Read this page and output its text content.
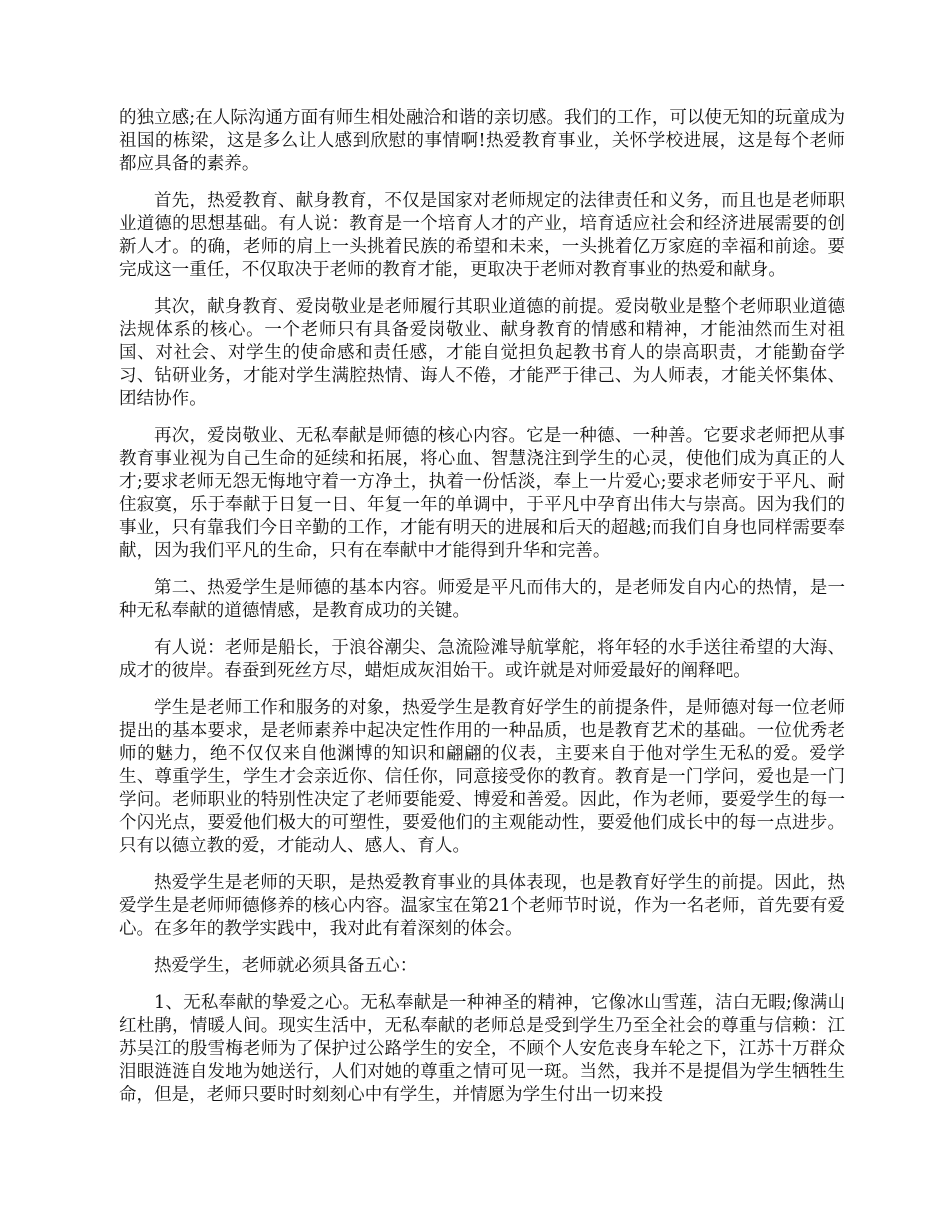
的独立感;在人际沟通方面有师生相处融洽和谐的亲切感。我们的工作，可以使无知的玩童成为祖国的栋梁，这是多么让人感到欣慰的事情啊!热爱教育事业，关怀学校进展，这是每个老师都应具备的素养。

首先，热爱教育、献身教育，不仅是国家对老师规定的法律责任和义务，而且也是老师职业道德的思想基础。有人说：教育是一个培育人才的产业，培育适应社会和经济进展需要的创新人才。的确，老师的肩上一头挑着民族的希望和未来，一头挑着亿万家庭的幸福和前途。要完成这一重任，不仅取决于老师的教育才能，更取决于老师对教育事业的热爱和献身。

其次，献身教育、爱岗敬业是老师履行其职业道德的前提。爱岗敬业是整个老师职业道德法规体系的核心。一个老师只有具备爱岗敬业、献身教育的情感和精神，才能油然而生对祖国、对社会、对学生的使命感和责任感，才能自觉担负起教书育人的崇高职责，才能勤奋学习、钻研业务，才能对学生满腔热情、诲人不倦，才能严于律己、为人师表，才能关怀集体、团结协作。

再次，爱岗敬业、无私奉献是师德的核心内容。它是一种德、一种善。它要求老师把从事教育事业视为自己生命的延续和拓展，将心血、智慧浇注到学生的心灵，使他们成为真正的人才;要求老师无怨无悔地守着一方净土，执着一份恬淡，奉上一片爱心;要求老师安于平凡、耐住寂寞，乐于奉献于日复一日、年复一年的单调中，于平凡中孕育出伟大与崇高。因为我们的事业，只有靠我们今日辛勤的工作，才能有明天的进展和后天的超越;而我们自身也同样需要奉献，因为我们平凡的生命，只有在奉献中才能得到升华和完善。

第二、热爱学生是师德的基本内容。师爱是平凡而伟大的，是老师发自内心的热情，是一种无私奉献的道德情感，是教育成功的关键。

有人说：老师是船长，于浪谷潮尖、急流险滩导航掌舵，将年轻的水手送往希望的大海、成才的彼岸。春蚕到死丝方尽，蜡炬成灰泪始干。或许就是对师爱最好的阐释吧。

学生是老师工作和服务的对象，热爱学生是教育好学生的前提条件，是师德对每一位老师提出的基本要求，是老师素养中起决定性作用的一种品质，也是教育艺术的基础。一位优秀老师的魅力，绝不仅仅来自他渊博的知识和翩翩的仪表，主要来自于他对学生无私的爱。爱学生、尊重学生，学生才会亲近你、信任你，同意接受你的教育。教育是一门学问，爱也是一门学问。老师职业的特别性决定了老师要能爱、博爱和善爱。因此，作为老师，要爱学生的每一个闪光点，要爱他们极大的可塑性，要爱他们的主观能动性，要爱他们成长中的每一点进步。只有以德立教的爱，才能动人、感人、育人。

热爱学生是老师的天职，是热爱教育事业的具体表现，也是教育好学生的前提。因此，热爱学生是老师师德修养的核心内容。温家宝在第21个老师节时说，作为一名老师，首先要有爱心。在多年的教学实践中，我对此有着深刻的体会。

热爱学生，老师就必须具备五心：

1、无私奉献的挚爱之心。无私奉献是一种神圣的精神，它像冰山雪莲，洁白无暇;像满山红杜鹃，情暖人间。现实生活中，无私奉献的老师总是受到学生乃至全社会的尊重与信赖：江苏吴江的殷雪梅老师为了保护过公路学生的安全，不顾个人安危丧身车轮之下，江苏十万群众泪眼涟涟自发地为她送行，人们对她的尊重之情可见一斑。当然，我并不是提倡为学生牺牲生命，但是，老师只要时时刻刻心中有学生，并情愿为学生付出一切来投
